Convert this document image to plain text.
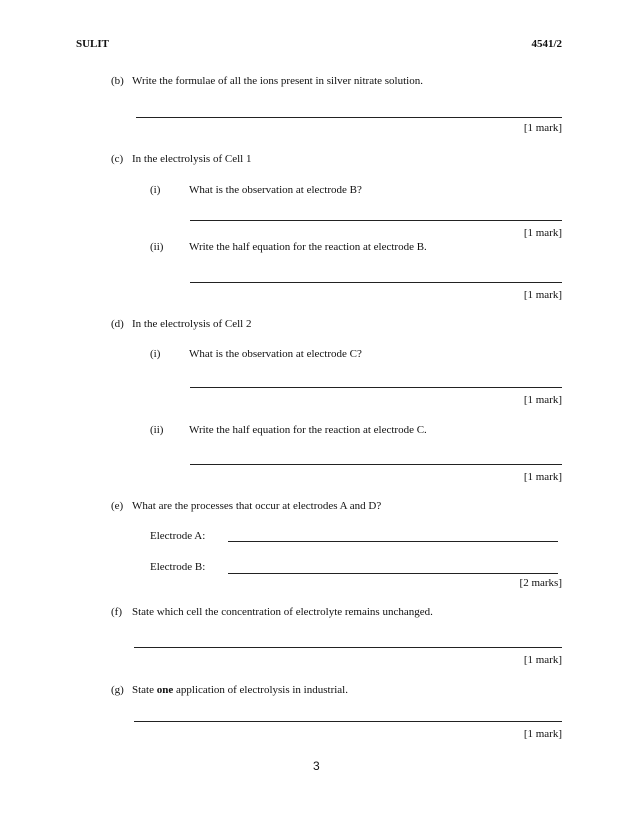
SULIT	4541/2
(b) Write the formulae of all the ions present in silver nitrate solution.
[1 mark]
(c) In the electrolysis of Cell 1
(i)	What is the observation at electrode B?
[1 mark]
(ii) Write the half equation for the reaction at electrode B.
[1 mark]
(d) In the electrolysis of Cell 2
(i)	What is the observation at electrode C?
[1 mark]
(ii) Write the half equation for the reaction at electrode C.
[1 mark]
(e) What are the processes that occur at electrodes A and D?
Electrode A:
Electrode B:
[2 marks]
(f) State which cell the concentration of electrolyte remains unchanged.
[1 mark]
(g) State one application of electrolysis in industrial.
[1 mark]
3
